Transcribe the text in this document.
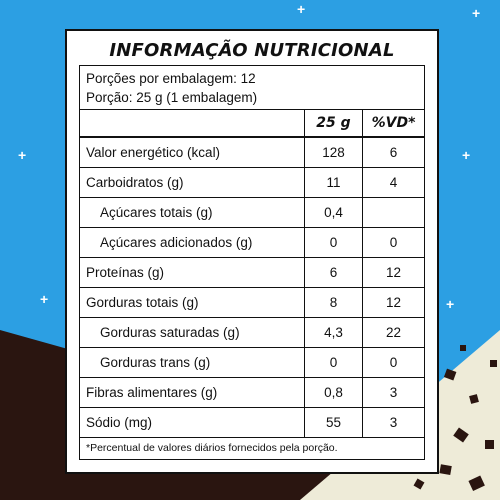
+	+
+	+
+	+
INFORMAÇÃO NUTRICIONAL
Porções por embalagem: 12
Porção: 25 g (1 embalagem)
	25 g	%VD*
Valor energético (kcal)	128	6
Carboidratos (g)	11	4
Açúcares totais (g)	0,4	
Açúcares adicionados (g)	0	0
Proteínas (g)	6	12
Gorduras totais (g)	8	12
Gorduras saturadas (g)	4,3	22
Gorduras trans (g)	0	0
Fibras alimentares (g)	0,8	3
Sódio (mg)	55	3
*Percentual de valores diários fornecidos pela porção.
